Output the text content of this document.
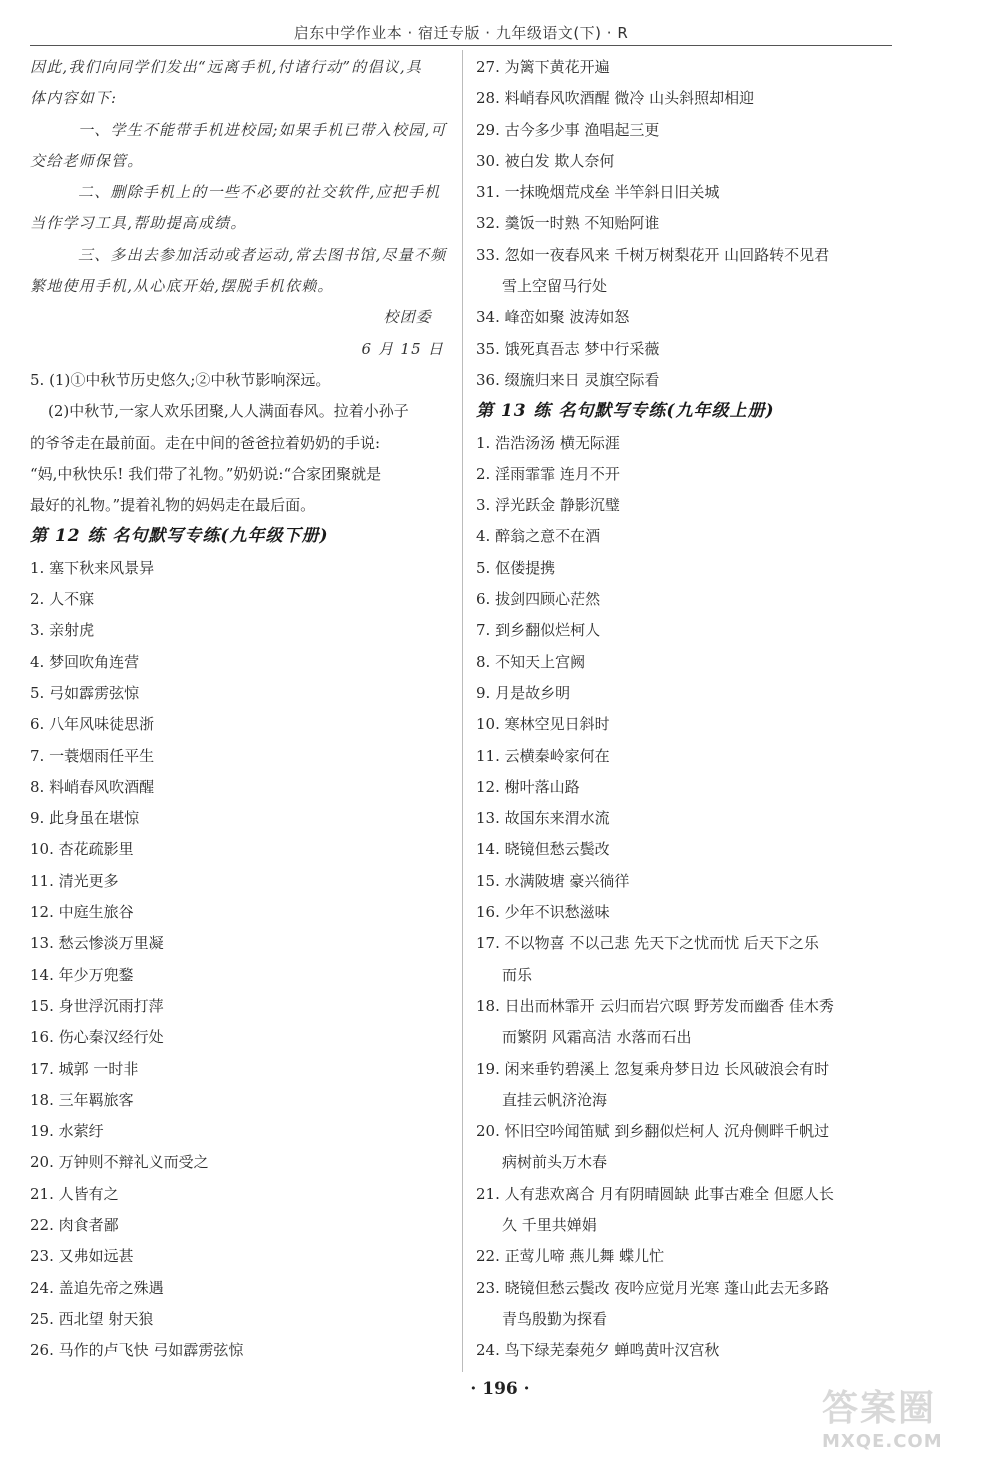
启东中学作业本 · 宿迁专版 · 九年级语文(下) · R
因此,我们向同学们发出“远离手机,付诸行动”的倡议,具
体内容如下:
一、学生不能带手机进校园;如果手机已带入校园,可
交给老师保管。
二、删除手机上的一些不必要的社交软件,应把手机
当作学习工具,帮助提高成绩。
三、多出去参加活动或者运动,常去图书馆,尽量不频
繁地使用手机,从心底开始,摆脱手机依赖。
校团委
6 月 15 日
5. (1)①中秋节历史悠久;②中秋节影响深远。
(2)中秋节,一家人欢乐团聚,人人满面春风。拉着小孙子
的爷爷走在最前面。走在中间的爸爸拉着奶奶的手说:
“妈,中秋快乐! 我们带了礼物。”奶奶说:“合家团聚就是
最好的礼物。”提着礼物的妈妈走在最后面。
第 12 练 名句默写专练(九年级下册)
1. 塞下秋来风景异
2. 人不寐
3. 亲射虎
4. 梦回吹角连营
5. 弓如霹雳弦惊
6. 八年风味徒思浙
7. 一蓑烟雨任平生
8. 料峭春风吹酒醒
9. 此身虽在堪惊
10. 杏花疏影里
11. 清光更多
12. 中庭生旅谷
13. 愁云惨淡万里凝
14. 年少万兜鍪
15. 身世浮沉雨打萍
16. 伤心秦汉经行处
17. 城郭 一时非
18. 三年羁旅客
19. 水萦纡
20. 万钟则不辩礼义而受之
21. 人皆有之
22. 肉食者鄙
23. 又弗如远甚
24. 盖追先帝之殊遇
25. 西北望 射天狼
26. 马作的卢飞快 弓如霹雳弦惊
27. 为篱下黄花开遍
28. 料峭春风吹酒醒 微冷 山头斜照却相迎
29. 古今多少事 渔唱起三更
30. 被白发 欺人奈何
31. 一抹晚烟荒戍垒 半竿斜日旧关城
32. 羹饭一时熟 不知贻阿谁
33. 忽如一夜春风来 千树万树梨花开 山回路转不见君
雪上空留马行处
34. 峰峦如聚 波涛如怒
35. 饿死真吾志 梦中行采薇
36. 缀旒归来日 灵旗空际看
第 13 练 名句默写专练(九年级上册)
1. 浩浩汤汤 横无际涯
2. 淫雨霏霏 连月不开
3. 浮光跃金 静影沉璧
4. 醉翁之意不在酒
5. 伛偻提携
6. 拔剑四顾心茫然
7. 到乡翻似烂柯人
8. 不知天上宫阙
9. 月是故乡明
10. 寒林空见日斜时
11. 云横秦岭家何在
12. 榭叶落山路
13. 故国东来渭水流
14. 晓镜但愁云鬓改
15. 水满陂塘 豪兴徜徉
16. 少年不识愁滋味
17. 不以物喜 不以己悲 先天下之忧而忧 后天下之乐
而乐
18. 日出而林霏开 云归而岩穴暝 野芳发而幽香 佳木秀
而繁阴 风霜高洁 水落而石出
19. 闲来垂钓碧溪上 忽复乘舟梦日边 长风破浪会有时
直挂云帆济沧海
20. 怀旧空吟闻笛赋 到乡翻似烂柯人 沉舟侧畔千帆过
病树前头万木春
21. 人有悲欢离合 月有阴晴圆缺 此事古难全 但愿人长
久 千里共婵娟
22. 正莺儿啼 燕儿舞 蝶儿忙
23. 晓镜但愁云鬓改 夜吟应觉月光寒 蓬山此去无多路
青鸟殷勤为探看
24. 鸟下绿芜秦苑夕 蝉鸣黄叶汉宫秋
· 196 ·	答案圈
MXQE.COM
